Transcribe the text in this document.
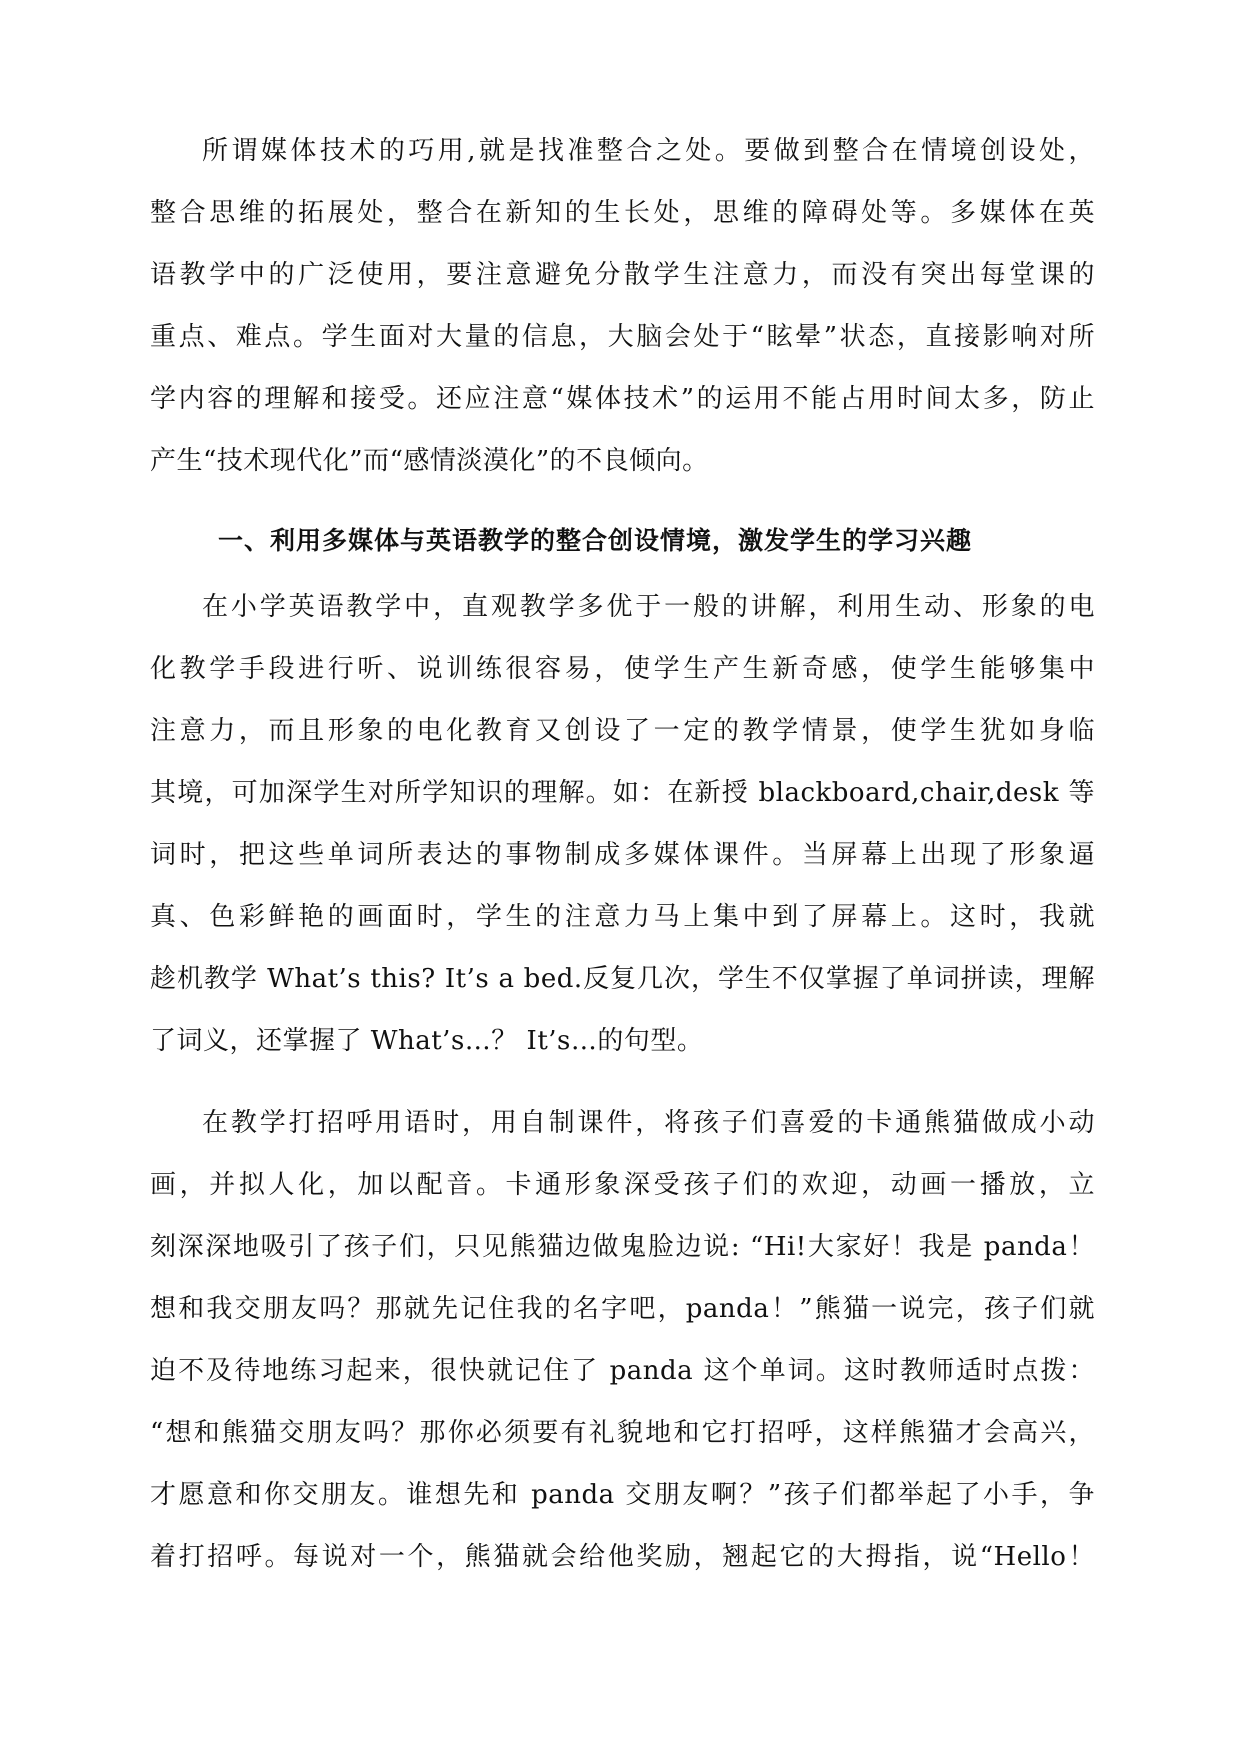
所谓媒体技术的巧用,就是找准整合之处。要做到整合在情境创设处，
整合思维的拓展处，整合在新知的生长处，思维的障碍处等。多媒体在英
语教学中的广泛使用，要注意避免分散学生注意力，而没有突出每堂课的
重点、难点。学生面对大量的信息，大脑会处于“眩晕”状态，直接影响对所
学内容的理解和接受。还应注意“媒体技术”的运用不能占用时间太多，防止
产生“技术现代化”而“感情淡漠化”的不良倾向。
一、利用多媒体与英语教学的整合创设情境，激发学生的学习兴趣
在小学英语教学中，直观教学多优于一般的讲解，利用生动、形象的电
化教学手段进行听、说训练很容易，使学生产生新奇感，使学生能够集中
注意力，而且形象的电化教育又创设了一定的教学情景，使学生犹如身临
其境，可加深学生对所学知识的理解。如：在新授 blackboard,chair,desk 等
词时，把这些单词所表达的事物制成多媒体课件。当屏幕上出现了形象逼
真、色彩鲜艳的画面时，学生的注意力马上集中到了屏幕上。这时，我就
趁机教学 What’s this? It’s a bed.反复几次，学生不仅掌握了单词拼读，理解
了词义，还掌握了 What’s…？ It’s…的句型。
在教学打招呼用语时，用自制课件，将孩子们喜爱的卡通熊猫做成小动
画，并拟人化，加以配音。卡通形象深受孩子们的欢迎，动画一播放，立
刻深深地吸引了孩子们，只见熊猫边做鬼脸边说: “Hi!大家好！我是 panda！
想和我交朋友吗？那就先记住我的名字吧，panda！”熊猫一说完，孩子们就
迫不及待地练习起来，很快就记住了 panda 这个单词。这时教师适时点拨：
“想和熊猫交朋友吗？那你必须要有礼貌地和它打招呼，这样熊猫才会高兴，
才愿意和你交朋友。谁想先和 panda 交朋友啊？”孩子们都举起了小手，争
着打招呼。每说对一个，熊猫就会给他奖励，翘起它的大拇指，说“Hello！
